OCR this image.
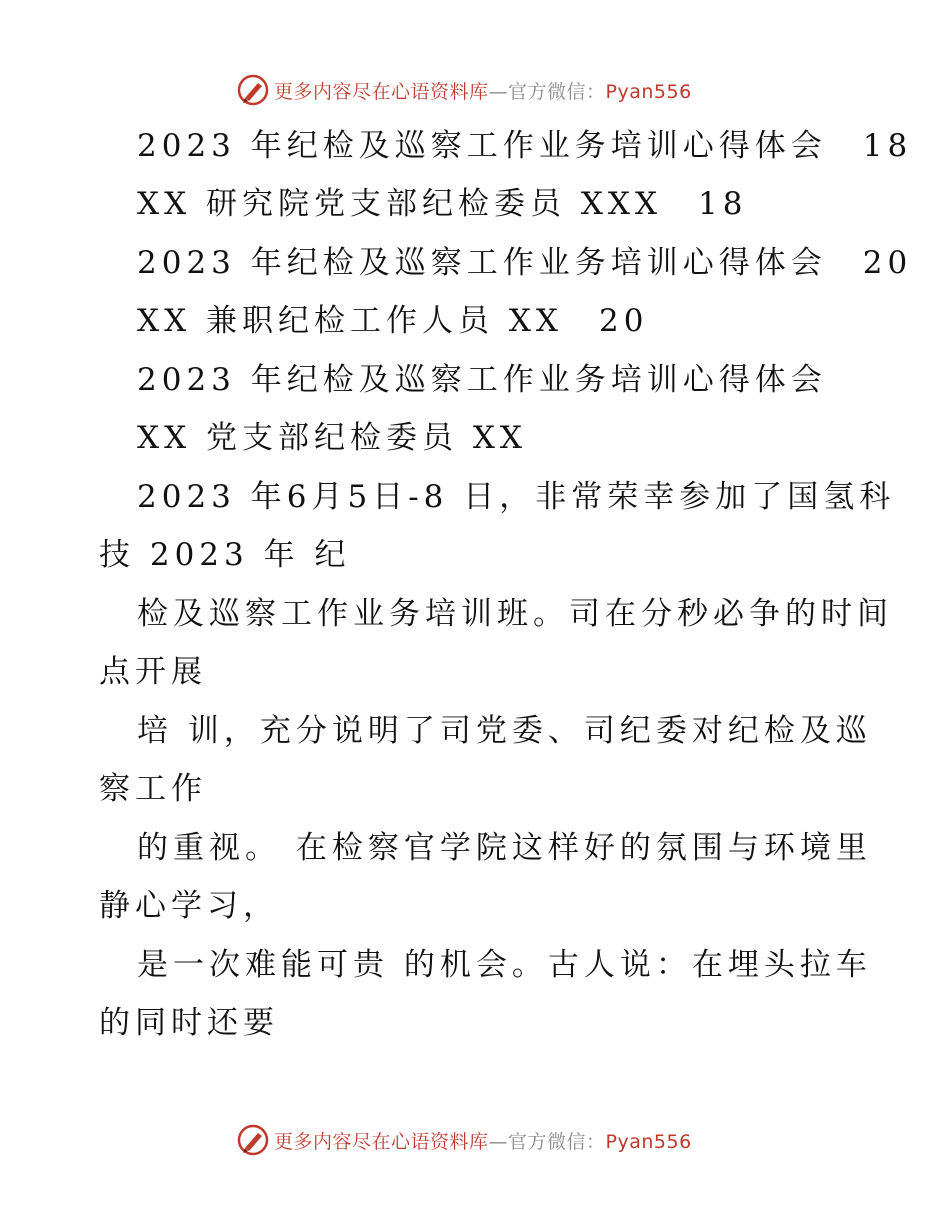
更多内容尽在心语资料库—官方微信：Pyan556
2023 年纪检及巡察工作业务培训心得体会　18
XX 研究院党支部纪检委员 XXX　18
2023 年纪检及巡察工作业务培训心得体会　20
XX 兼职纪检工作人员 XX　20
2023 年纪检及巡察工作业务培训心得体会
XX 党支部纪检委员 XX
2023 年6月5日-8 日，非常荣幸参加了国氢科
技 2023 年 纪
检及巡察工作业务培训班。司在分秒必争的时间
点开展
培 训，充分说明了司党委、司纪委对纪检及巡
察工作
的重视。 在检察官学院这样好的氛围与环境里
静心学习，
是一次难能可贵 的机会。古人说：在埋头拉车
的同时还要
更多内容尽在心语资料库—官方微信：Pyan556
